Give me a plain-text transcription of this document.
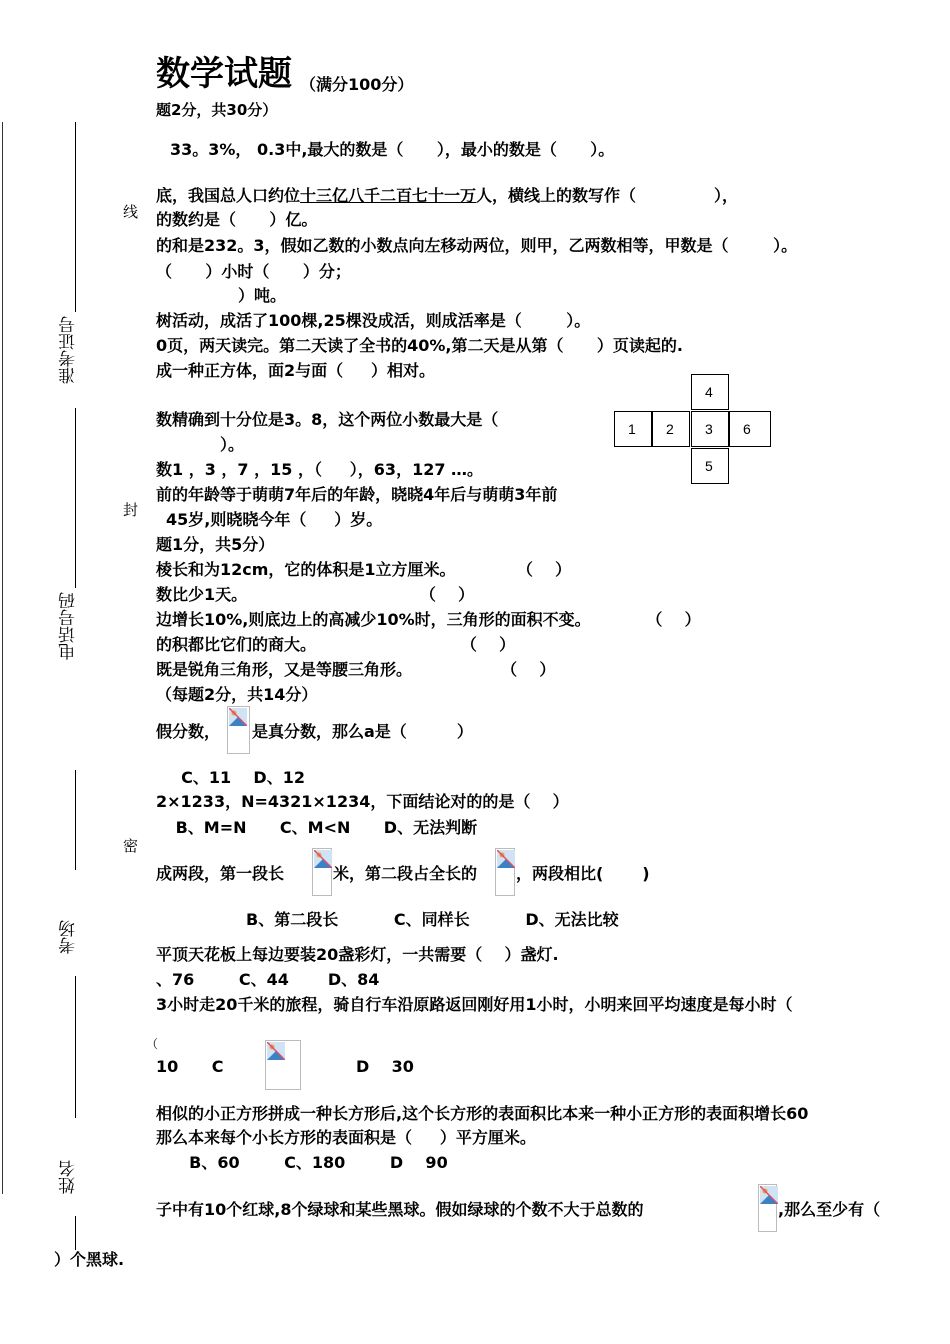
准考证号
电话号码
考场
姓名
线
封
密
数学试题 （满分100分）
题2分，共30分）
33。3%， 0.3中,最大的数是（      ），最小的数是（      ）。
底，我国总人口约位十三亿八千二百七十一万人，横线上的数写作（              ），
的数约是（      ）亿。
的和是232。3，假如乙数的小数点向左移动两位，则甲，乙两数相等，甲数是（        ）。
（      ）小时（      ）分；
）吨。
树活动，成活了100棵,25棵没成活，则成活率是（        ）。
0页，两天读完。第二天读了全书的40%,第二天是从第（      ）页读起的.
成一种正方体，面2与面（     ）相对。
数精确到十分位是3。8，这个两位小数最大是（
）。
数1 ，3 ，7 ，15 ，（     ），63，127 …。
前的年龄等于萌萌7年后的年龄，晓晓4年后与萌萌3年前
45岁,则晓晓今年（     ）岁。
题1分，共5分）
棱长和为12cm，它的体积是1立方厘米。           （    ）
数比少1天。                               （    ）
边增长10%,则底边上的高减少10%时，三角形的面积不变。          （    ）
的积都比它们的商大。                          （    ）
既是锐角三角形，又是等腰三角形。                （    ）
（每题2分，共14分）
假分数， 是真分数，那么a是（         ）
C、11    D、12
2×1233，N=4321×1234，下面结论对的的是（    ）
B、M=N      C、M<N      D、无法判断
成两段，第一段长	米，第二段占全长的 ，两段相比(       )
B、第二段长          C、同样长          D、无法比较
平顶天花板上每边要装20盏彩灯，一共需要（    ）盏灯.
、76        C、44       D、84
3小时走20千米的旅程，骑自行车沿原路返回刚好用1小时，小明来回平均速度是每小时（
（
10      C	D    30
相似的小正方形拼成一种长方形后,这个长方形的表面积比本来一种小正方形的表面积增长60
那么本来每个小长方形的表面积是（     ）平方厘米。
B、60        C、180        D    90
子中有10个红球,8个绿球和某些黑球。假如绿球的个数不大于总数的	,那么至少有（
）个黑球.
4
1 2 3 6
5
